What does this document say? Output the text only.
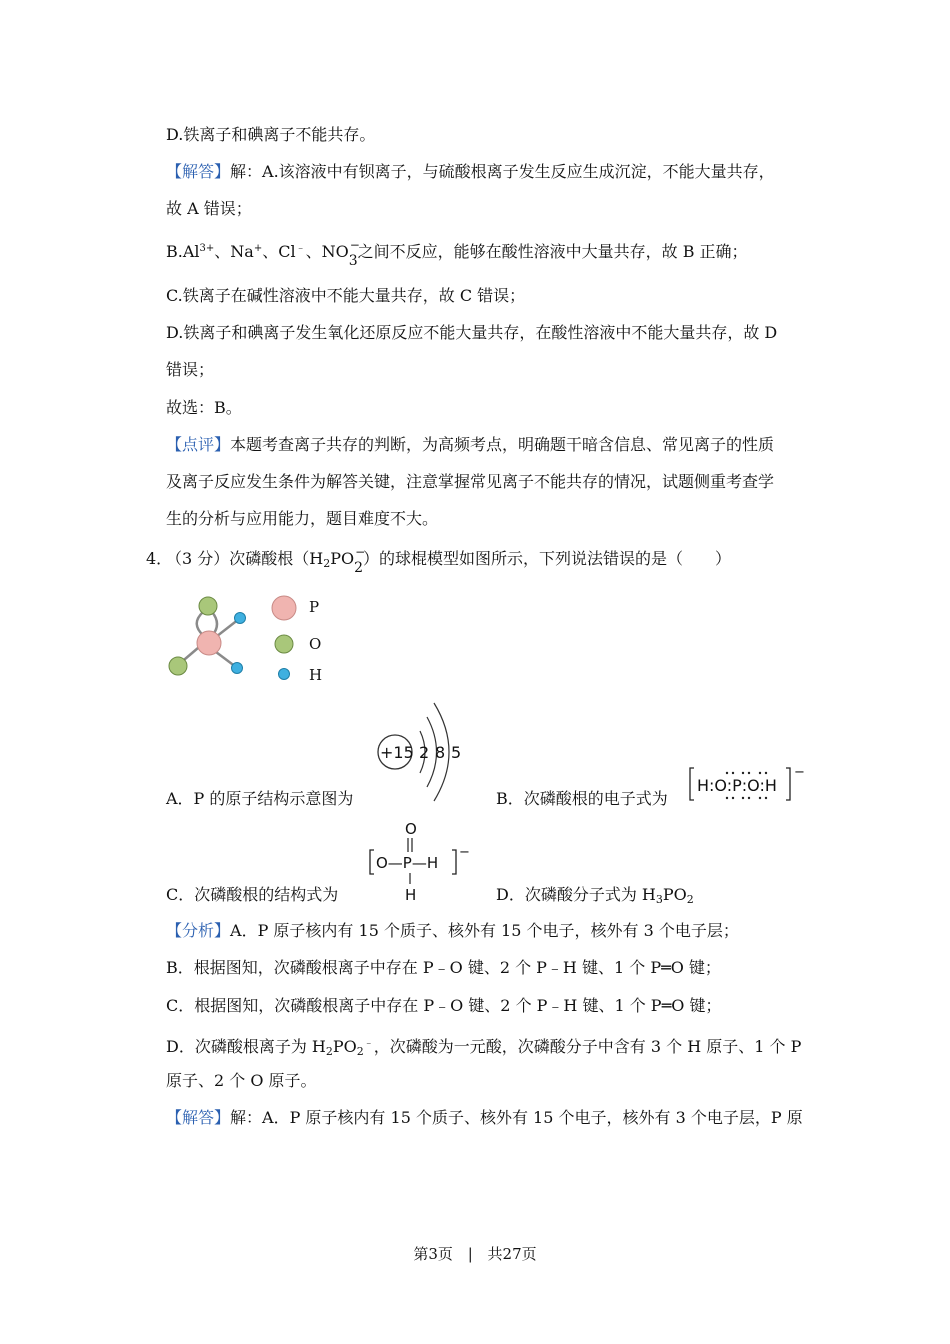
D.铁离子和碘离子不能共存。
【解答】解：A.该溶液中有钡离子，与硫酸根离子发生反应生成沉淀，不能大量共存，
故 A 错误；
$B.Al^{3+}$、Na+、Cl﹣、NO −
3之间不反应，能够在酸性溶液中大量共存，故 B 正确；
C.铁离子在碱性溶液中不能大量共存，故 C 错误；
D.铁离子和碘离子发生氧化还原反应不能大量共存，在酸性溶液中不能大量共存，故 D
错误；
故选：B。
【点评】本题考查离子共存的判断，为高频考点，明确题干暗含信息、常见离子的性质
及离子反应发生条件为解答关键，注意掌握常见离子不能共存的情况，试题侧重考查学
生的分析与应用能力，题目难度不大。
4．
（3 分）次磷酸根（$H_2PO$ −
2）的球棍模型如图所示，下列说法错误的是（　　）
P
O
H
+15 2 8 5
A．P 的原子结构示意图为	B．次磷酸根的电子式为
H:O:P:O:H
−
O
O—P—H
H
−
C．次磷酸根的结构式为	D．次磷酸分子式为 $H_3PO_2$
【分析】A．P 原子核内有 15 个质子、核外有 15 个电子，核外有 3 个电子层；
B．根据图知，次磷酸根离子中存在 P﹣O 键、2 个 P﹣H 键、1 个 P═O 键；
C．根据图知，次磷酸根离子中存在 P﹣O 键、2 个 P﹣H 键、1 个 P═O 键；
D．次磷酸根离子为 $H_2PO_2^﹣$，次磷酸为一元酸，次磷酸分子中含有 3 个 H 原子、1 个 P
原子、2 个 O 原子。
【解答】解：A．P 原子核内有 15 个质子、核外有 15 个电子，核外有 3 个电子层，P 原
第3页 | 共27页
